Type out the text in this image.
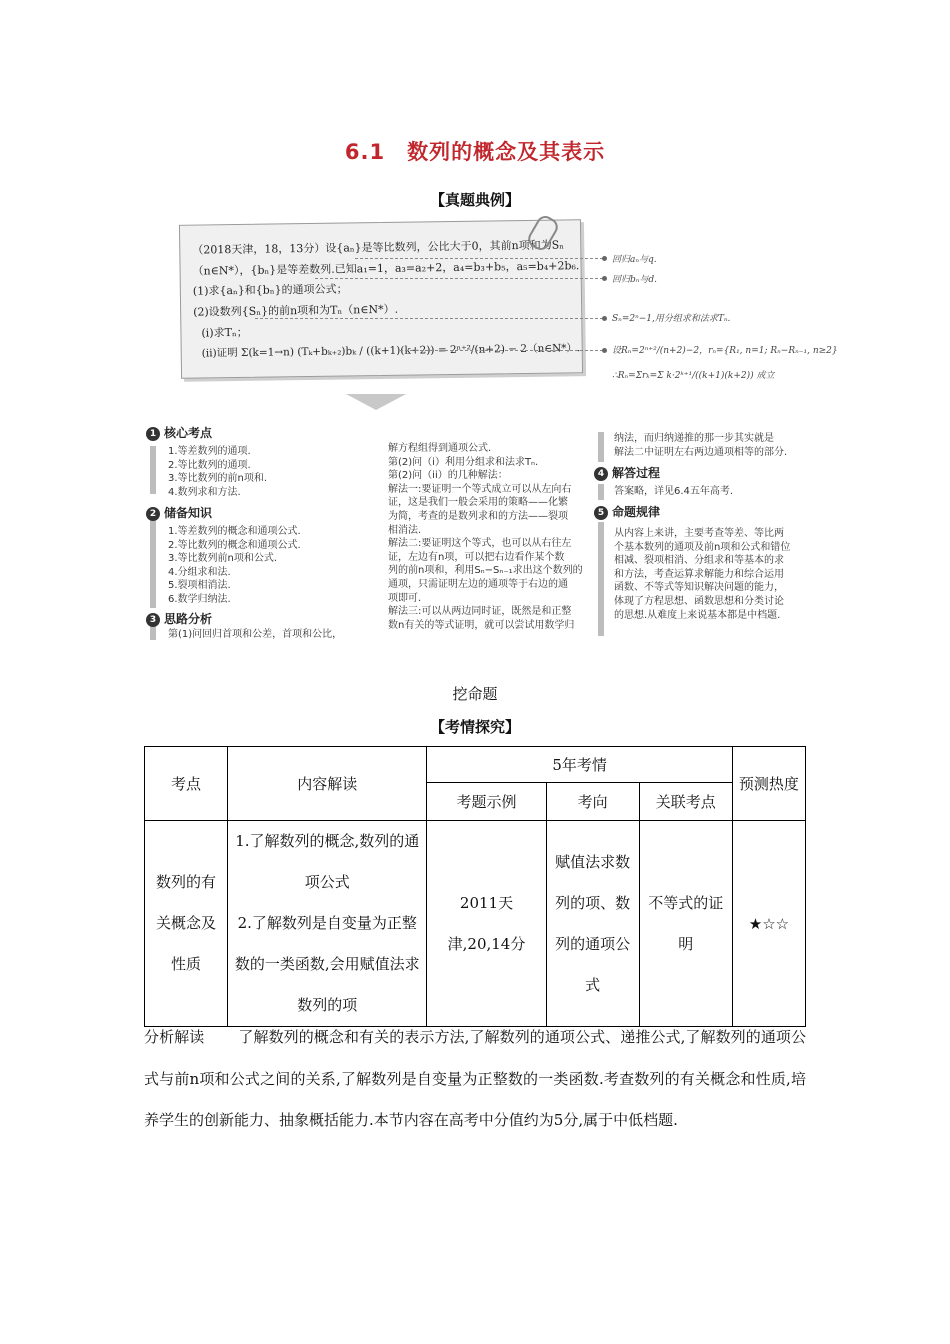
6.1　数列的概念及其表示
【真题典例】
（2018天津，18，13分）设{aₙ}是等比数列，公比大于0，其前n项和为Sₙ
（n∈N*），{bₙ}是等差数列.已知a₁=1，a₃=a₂+2，a₄=b₃+b₅，a₅=b₄+2b₆.
(1)求{aₙ}和{bₙ}的通项公式；
(2)设数列{Sₙ}的前n项和为Tₙ（n∈N*）.
(i)求Tₙ；
(ii)证明 Σ(k=1→n) (Tₖ+bₖ₊₂)bₖ / ((k+1)(k+2)) = 2ⁿ⁺²/(n+2) − 2（n∈N*）.
回归aₙ与q.
回归bₙ与d.
Sₙ=2ⁿ−1,用分组求和法求Tₙ.
设Rₙ=2ⁿ⁺²/(n+2)−2，rₙ={R₁, n=1; Rₙ−Rₙ₋₁, n≥2}
∴Rₙ=Σrₖ=Σ k·2ᵏ⁺¹/((k+1)(k+2)) 成立
1 核心考点
1.等差数列的通项.
2.等比数列的通项.
3.等比数列的前n项和.
4.数列求和方法.
2 储备知识
1.等差数列的概念和通项公式.
2.等比数列的概念和通项公式.
3.等比数列前n项和公式.
4.分组求和法.
5.裂项相消法.
6.数学归纳法.
3 思路分析
第(1)问回归首项和公差，首项和公比，
解方程组得到通项公式.
第(2)问（i）利用分组求和法求Tₙ.
第(2)问（ii）的几种解法：
解法一:要证明一个等式成立可以从左向右
证，这是我们一般会采用的策略——化繁
为简，考查的是数列求和的方法——裂项
相消法.
解法二:要证明这个等式，也可以从右往左
证，左边有n项，可以把右边看作某个数
列的前n项和，利用Sₙ−Sₙ₋₁求出这个数列的
通项，只需证明左边的通项等于右边的通
项即可.
解法三:可以从两边同时证，既然是和正整
数n有关的等式证明，就可以尝试用数学归
纳法，而归纳递推的那一步其实就是
解法二中证明左右两边通项相等的部分.
4 解答过程
答案略，详见6.4五年高考.
5 命题规律
从内容上来讲，主要考查等差、等比两
个基本数列的通项及前n项和公式和错位
相减、裂项相消、分组求和等基本的求
和方法，考查运算求解能力和综合运用
函数、不等式等知识解决问题的能力，
体现了方程思想、函数思想和分类讨论
的思想.从难度上来说基本都是中档题.
挖命题
【考情探究】
考点	内容解读	5年考情			预测热度
		考题示例	考向	关联考点	
数列的有关概念及性质	1.了解数列的概念,数列的通项公式
2.了解数列是自变量为正整数的一类函数,会用赋值法求数列的项	2011天津,20,14分	赋值法求数列的项、数列的通项公式	不等式的证明	★☆☆
分析解读 了解数列的概念和有关的表示方法,了解数列的通项公式、递推公式,了解数列的通项公式与前n项和公式之间的关系,了解数列是自变量为正整数的一类函数.考查数列的有关概念和性质,培养学生的创新能力、抽象概括能力.本节内容在高考中分值约为5分,属于中低档题.
